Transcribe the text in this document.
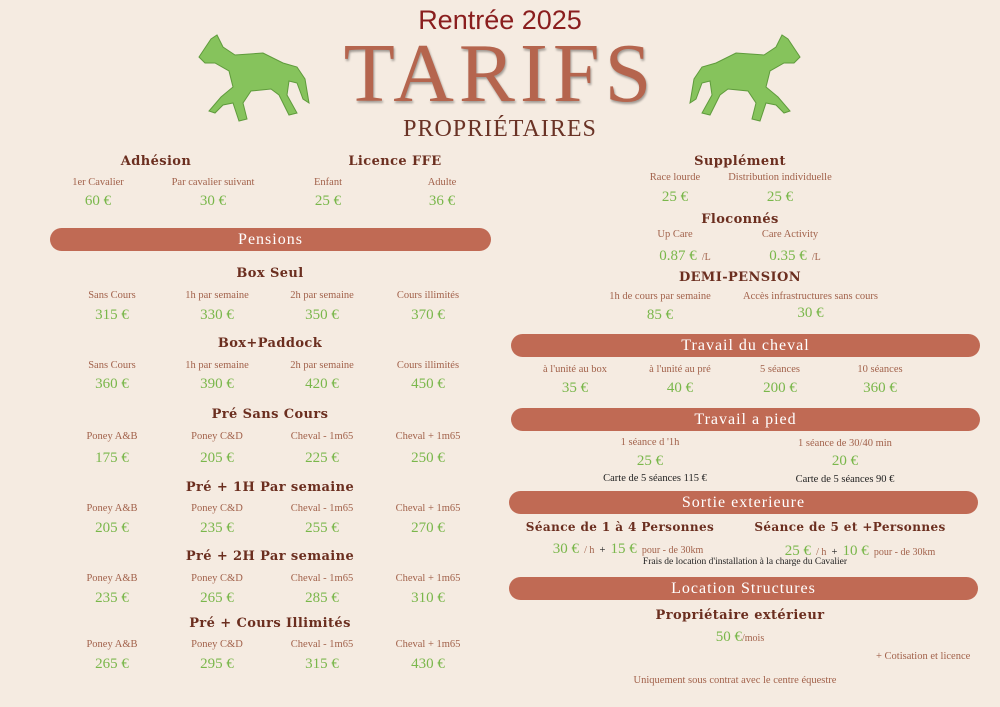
Rentrée 2025
TARIFS
PROPRIÉTAIRES
Adhésion
1er Cavalier
60 €
Par cavalier suivant
30 €
Licence FFE
Enfant
25 €
Adulte
36 €
Pensions
Box Seul
Sans Cours	1h par semaine	2h par semaine	Cours illimités
315 €	330 €	350 €	370 €
Box+Paddock
Sans Cours	1h par semaine	2h par semaine	Cours illimités
360 €	390 €	420 €	450 €
Pré Sans Cours
Poney A&B	Poney C&D	Cheval - 1m65	Cheval + 1m65
175 €	205 €	225 €	250 €
Pré + 1H Par semaine
Poney A&B	Poney C&D	Cheval - 1m65	Cheval + 1m65
205 €	235 €	255 €	270 €
Pré + 2H Par semaine
Poney A&B	Poney C&D	Cheval - 1m65	Cheval + 1m65
235 €	265 €	285 €	310 €
Pré + Cours Illimités
Poney A&B	Poney C&D	Cheval - 1m65	Cheval + 1m65
265 €	295 €	315 €	430 €
Supplément
Race lourde
25 €
Distribution individuelle
25 €
Floconnés
Up Care
0.87 € /L
Care Activity
0.35 € /L
DEMI-PENSION
1h de cours par semaine
85 €
Accès infrastructures sans cours
30 €
Travail du cheval
à l'unité au box
35 €
à l'unité au pré
40 €
5 séances
200 €
10 séances
360 €
Travail a pied
1 séance d '1h
25 €
Carte de 5 séances 115 €
1 séance de 30/40 min
20 €
Carte de 5 séances 90 €
Sortie exterieure
Séance de 1 à 4 Personnes
30 € / h + 15 € pour - de 30km
Séance de 5 et +Personnes
25 € / h + 10 € pour - de 30km
Frais de location d'installation à la charge du Cavalier
Location Structures
Propriétaire extérieur
50 €/mois
+ Cotisation et licence
Uniquement sous contrat avec le centre équestre
